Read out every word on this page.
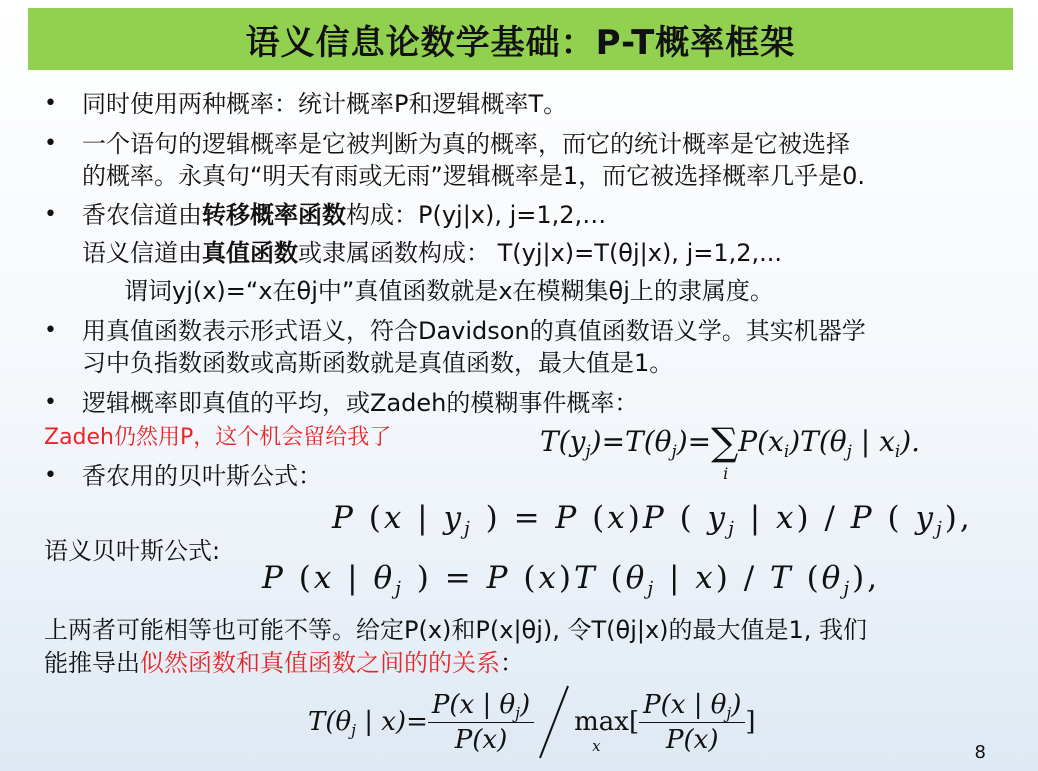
语义信息论数学基础：P-T概率框架
• 同时使用两种概率：统计概率P和逻辑概率T。
• 一个语句的逻辑概率是它被判断为真的概率，而它的统计概率是它被选择
的概率。永真句“明天有雨或无雨”逻辑概率是1，而它被选择概率几乎是0.
• 香农信道由转移概率函数构成：P(yj|x), j=1,2,…
语义信道由真值函数或隶属函数构成： T(yj|x)=T(θj|x), j=1,2,...
谓词yj(x)=“x在θj中”真值函数就是x在模糊集θj上的隶属度。
• 用真值函数表示形式语义，符合Davidson的真值函数语义学。其实机器学
习中负指数函数或高斯函数就是真值函数，最大值是1。
• 逻辑概率即真值的平均，或Zadeh的模糊事件概率：
Zadeh仍然用P，这个机会留给我了	$T(y_j)=T(\theta_j)=\sum$
i
$P(x_i)T(\theta_j$ | $x_i$).
• 香农用的贝叶斯公式：
P (x | $y_j$ ) = P (x)P ( $y_j$ | x) / P ( $y_j$),
语义贝叶斯公式:
P (x | $\theta_j$ ) = P (x)T ($\theta_j$ | x) / T $(\theta_j)$,
上两者可能相等也可能不等。给定P(x)和P(x|θj), 令T(θj|x)的最大值是1, 我们
能推导出似然函数和真值函数之间的的关系：
$T(\theta_j$ | $x)= \frac{P(x | \theta_j)}{P(x)}$ max
x
[ $\frac{P(x | \theta_j)}{P(x)}$ ]
8
